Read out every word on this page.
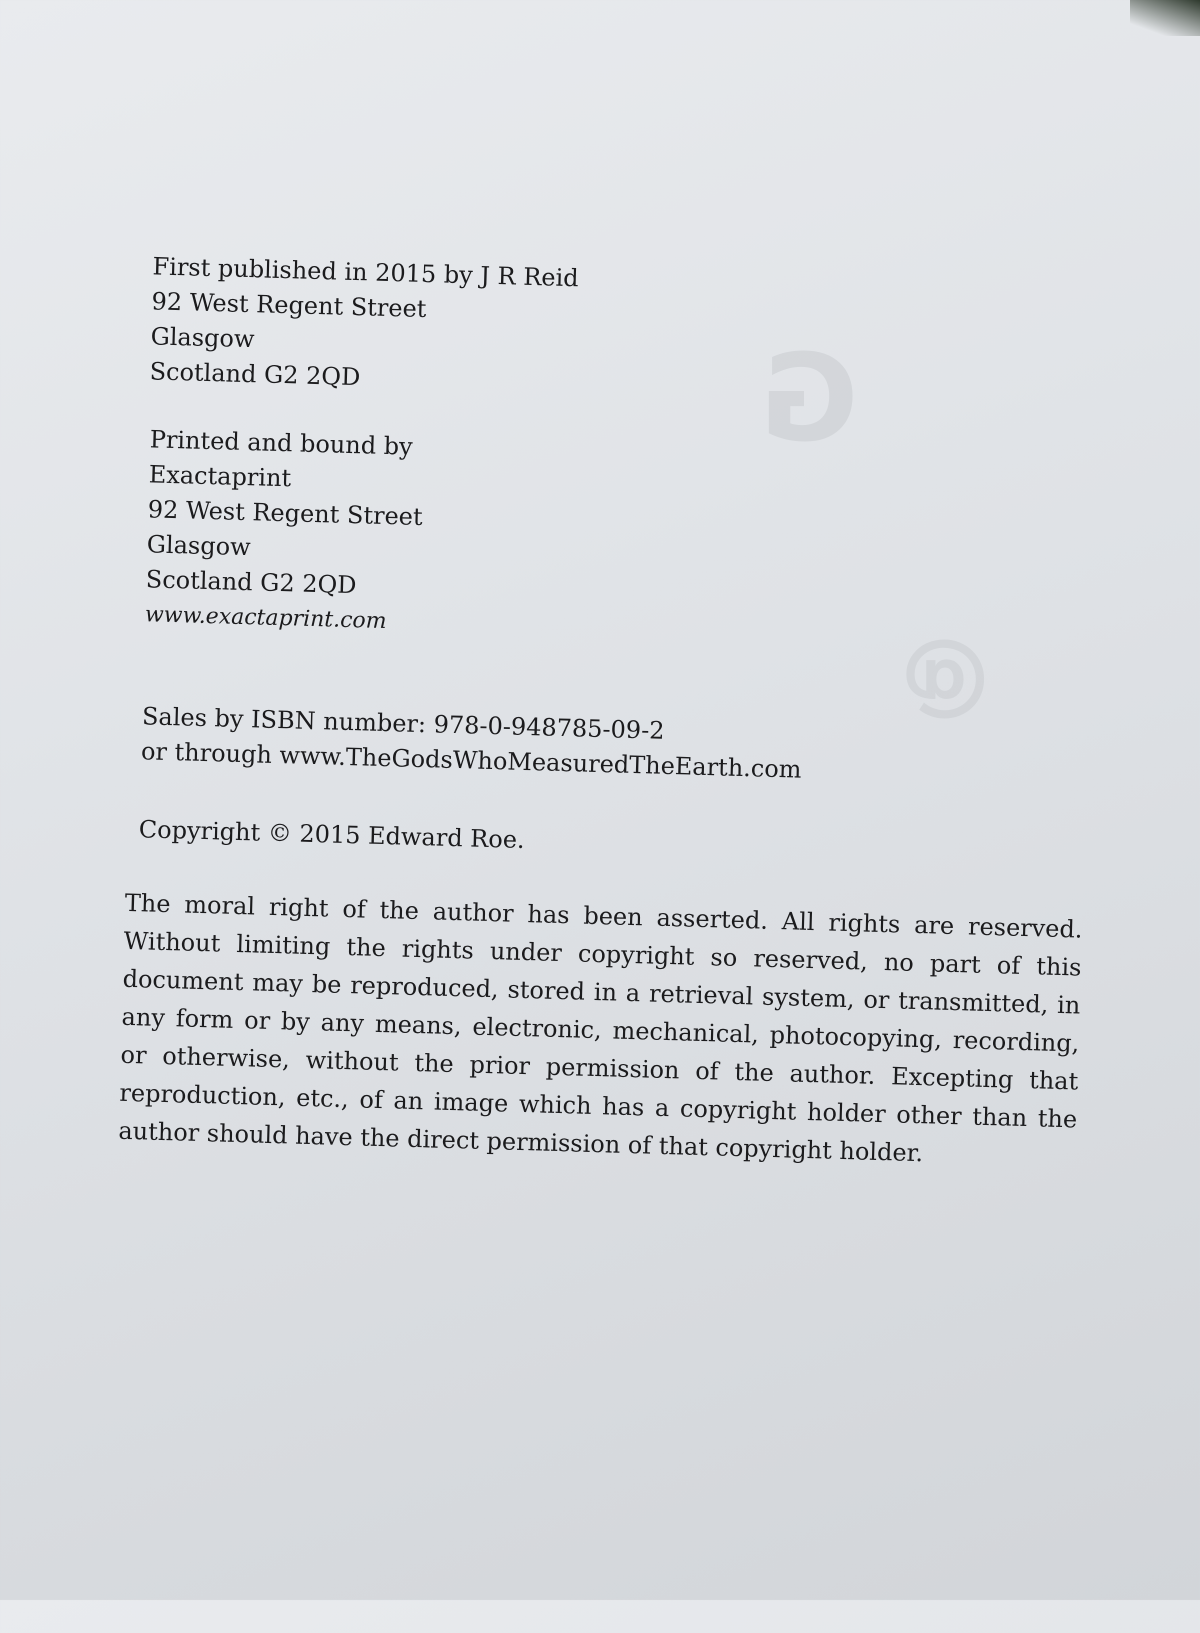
G
@
First published in 2015 by J R Reid
92 West Regent Street
Glasgow
Scotland G2 2QD
Printed and bound by
Exactaprint
92 West Regent Street
Glasgow
Scotland G2 2QD
www.exactaprint.com
Sales by ISBN number: 978-0-948785-09-2
or through www.TheGodsWhoMeasuredTheEarth.com
Copyright © 2015 Edward Roe.
The moral right of the author has been asserted. All rights are reserved. Without limiting the rights under copyright so reserved, no part of this document may be reproduced, stored in a retrieval system, or transmitted, in any form or by any means, electronic, mechanical, photocopying, recording, or otherwise, without the prior permission of the author. Excepting that reproduction, etc., of an image which has a copyright holder other than the author should have the direct permission of that copyright holder.
